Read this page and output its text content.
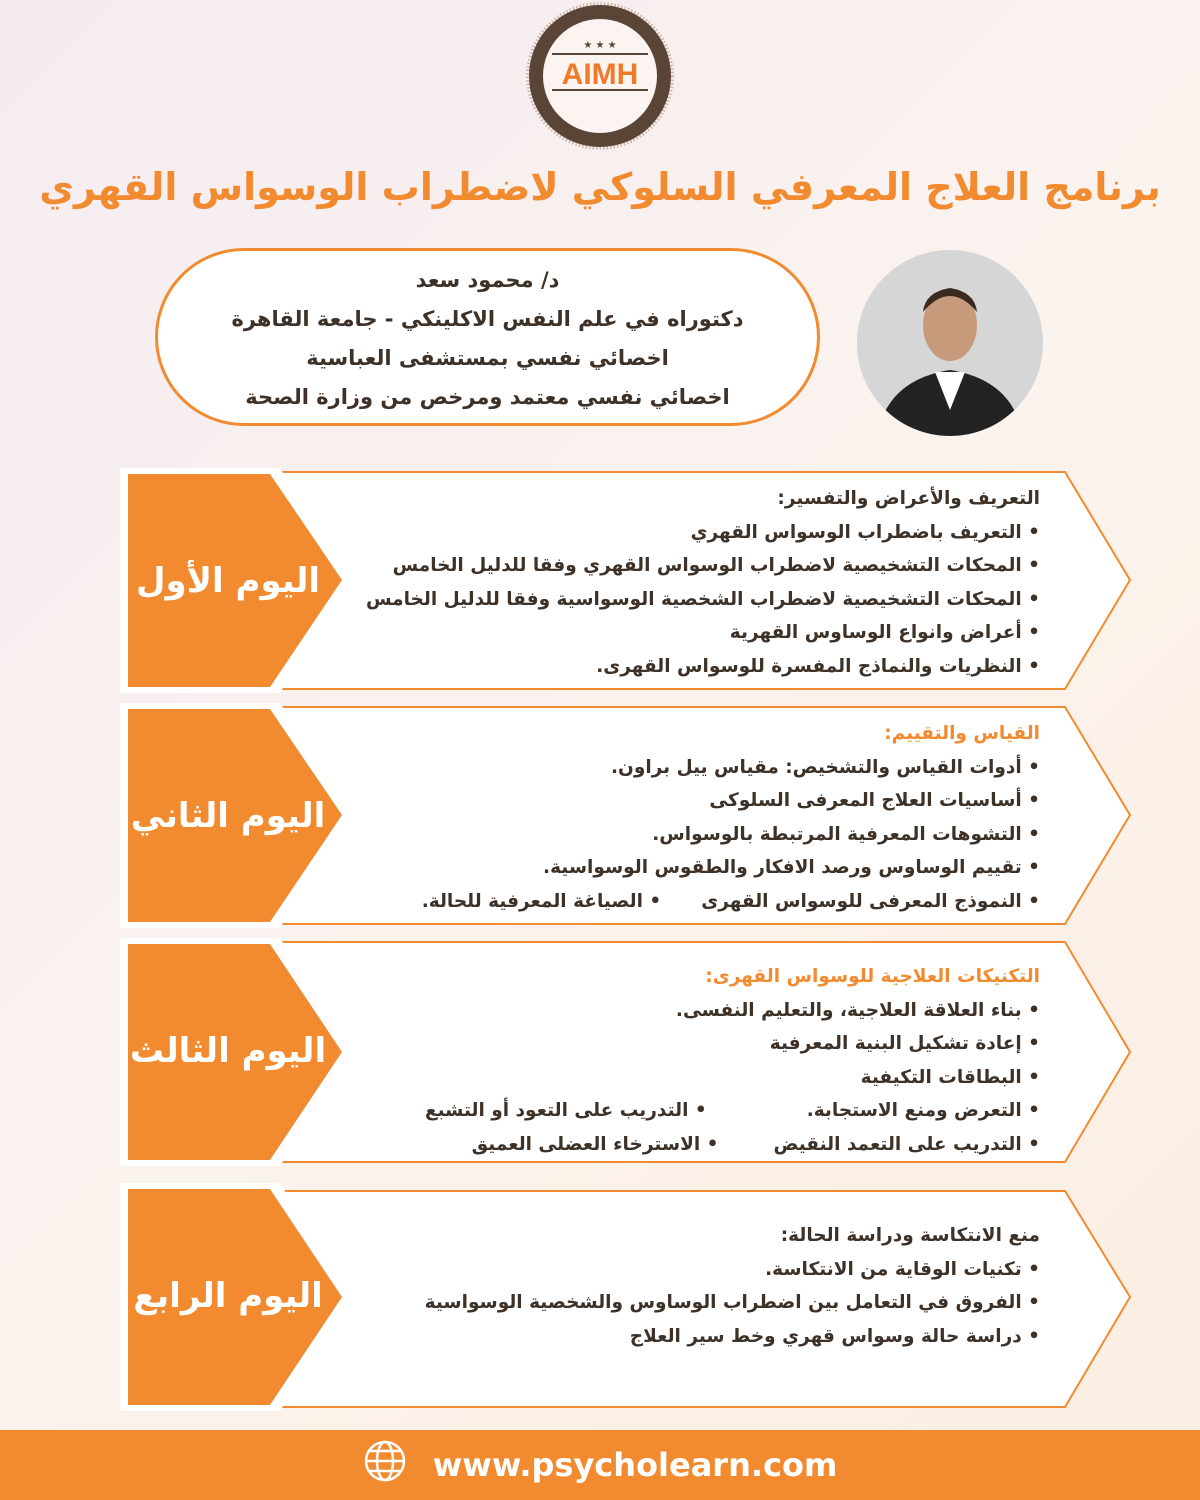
★ ★ ★
AIMH
برنامج العلاج المعرفي السلوكي لاضطراب الوسواس القهري
د/ محمود سعد
دكتوراه في علم النفس الاكلينكي - جامعة القاهرة
اخصائي نفسي بمستشفى العباسية
اخصائي نفسي معتمد ومرخص من وزارة الصحة
اليوم الأول
التعريف والأعراض والتفسير:
• التعريف باضطراب الوسواس القهري
• المحكات التشخيصية لاضطراب الوسواس القهري وفقا للدليل الخامس
• المحكات التشخيصية لاضطراب الشخصية الوسواسية وفقا للدليل الخامس
• أعراض وانواع الوساوس القهرية
• النظريات والنماذج المفسرة للوسواس القهرى.
اليوم الثاني
القياس والتقييم:
• أدوات القياس والتشخيص: مقياس ييل براون.
• أساسيات العلاج المعرفى السلوكى
• التشوهات المعرفية المرتبطة بالوسواس.
• تقييم الوساوس ورصد الافكار والطقوس الوسواسية.
• النموذج المعرفى للوسواس القهرى
• الصياغة المعرفية للحالة.
اليوم الثالث
التكنيكات العلاجية للوسواس القهرى:
• بناء العلاقة العلاجية، والتعليم النفسى.
• إعادة تشكيل البنية المعرفية
• البطاقات التكيفية
• التعرض ومنع الاستجابة.
• التدريب على التعود أو التشبع
• التدريب على التعمد النقيض
• الاسترخاء العضلى العميق
اليوم الرابع
منع الانتكاسة ودراسة الحالة:
• تكنيات الوقاية من الانتكاسة.
• الفروق في التعامل بين اضطراب الوساوس والشخصية الوسواسية
• دراسة حالة وسواس قهري وخط سير العلاج
www.psycholearn.com
